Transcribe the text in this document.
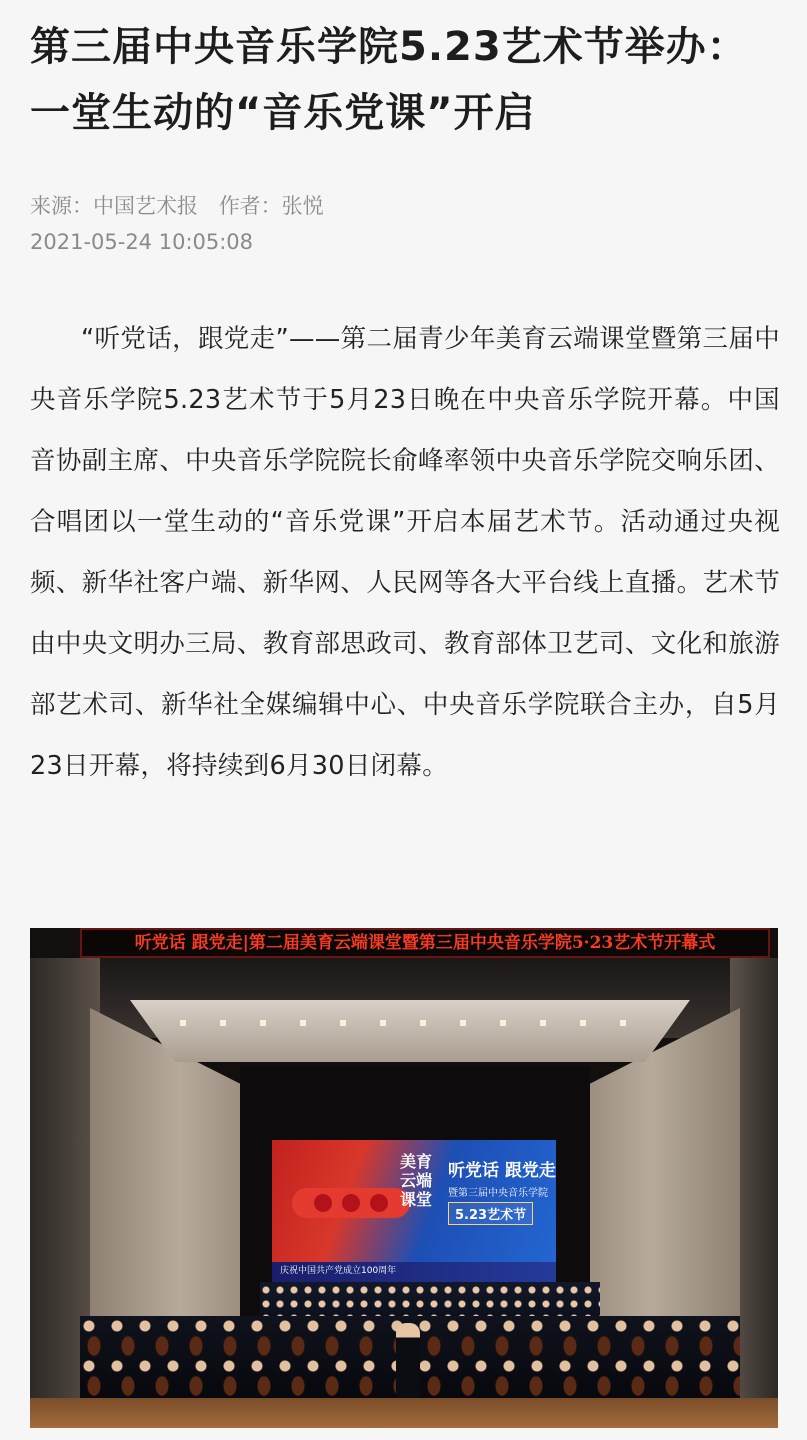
第三届中央音乐学院5.23艺术节举办：一堂生动的“音乐党课”开启
来源：中国艺术报 作者：张悦
2021-05-24 10:05:08

“听党话，跟党走”——第二届青少年美育云端课堂暨第三届中央音乐学院5.23艺术节于5月23日晚在中央音乐学院开幕。中国音协副主席、中央音乐学院院长俞峰率领中央音乐学院交响乐团、合唱团以一堂生动的“音乐党课”开启本届艺术节。活动通过央视频、新华社客户端、新华网、人民网等各大平台线上直播。艺术节由中央文明办三局、教育部思政司、教育部体卫艺司、文化和旅游部艺术司、新华社全媒编辑中心、中央音乐学院联合主办，自5月23日开幕，将持续到6月30日闭幕。

美育云端课堂
听党话 跟党走
暨第三届中央音乐学院
5.23艺术节
庆祝中国共产党成立100周年
听党话 跟党走|第二届美育云端课堂暨第三届中央音乐学院5·23艺术节开幕式
